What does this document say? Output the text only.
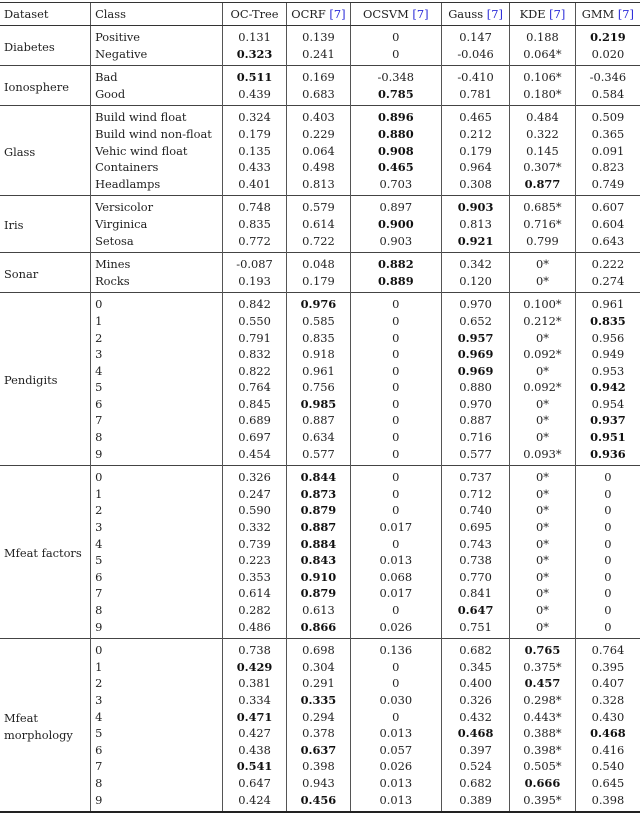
Dataset	Class	OC-Tree	OCRF [7]	OCSVM [7]	Gauss [7]	KDE [7]	GMM [7]
Diabetes	Positive	0.131	0.139	0	0.147	0.188	0.219
	Negative	0.323	0.241	0	-0.046	0.064*	0.020
Ionosphere	Bad	0.511	0.169	-0.348	-0.410	0.106*	-0.346
	Good	0.439	0.683	0.785	0.781	0.180*	0.584
Glass	Build wind float	0.324	0.403	0.896	0.465	0.484	0.509
	Build wind non-float	0.179	0.229	0.880	0.212	0.322	0.365
	Vehic wind float	0.135	0.064	0.908	0.179	0.145	0.091
	Containers	0.433	0.498	0.465	0.964	0.307*	0.823
	Headlamps	0.401	0.813	0.703	0.308	0.877	0.749
Iris	Versicolor	0.748	0.579	0.897	0.903	0.685*	0.607
	Virginica	0.835	0.614	0.900	0.813	0.716*	0.604
	Setosa	0.772	0.722	0.903	0.921	0.799	0.643
Sonar	Mines	-0.087	0.048	0.882	0.342	0*	0.222
	Rocks	0.193	0.179	0.889	0.120	0*	0.274
Pendigits	0	0.842	0.976	0	0.970	0.100*	0.961
	1	0.550	0.585	0	0.652	0.212*	0.835
	2	0.791	0.835	0	0.957	0*	0.956
	3	0.832	0.918	0	0.969	0.092*	0.949
	4	0.822	0.961	0	0.969	0*	0.953
	5	0.764	0.756	0	0.880	0.092*	0.942
	6	0.845	0.985	0	0.970	0*	0.954
	7	0.689	0.887	0	0.887	0*	0.937
	8	0.697	0.634	0	0.716	0*	0.951
	9	0.454	0.577	0	0.577	0.093*	0.936
Mfeat factors	0	0.326	0.844	0	0.737	0*	0
	1	0.247	0.873	0	0.712	0*	0
	2	0.590	0.879	0	0.740	0*	0
	3	0.332	0.887	0.017	0.695	0*	0
	4	0.739	0.884	0	0.743	0*	0
	5	0.223	0.843	0.013	0.738	0*	0
	6	0.353	0.910	0.068	0.770	0*	0
	7	0.614	0.879	0.017	0.841	0*	0
	8	0.282	0.613	0	0.647	0*	0
	9	0.486	0.866	0.026	0.751	0*	0
Mfeat morphology	0	0.738	0.698	0.136	0.682	0.765	0.764
	1	0.429	0.304	0	0.345	0.375*	0.395
	2	0.381	0.291	0	0.400	0.457	0.407
	3	0.334	0.335	0.030	0.326	0.298*	0.328
	4	0.471	0.294	0	0.432	0.443*	0.430
	5	0.427	0.378	0.013	0.468	0.388*	0.468
	6	0.438	0.637	0.057	0.397	0.398*	0.416
	7	0.541	0.398	0.026	0.524	0.505*	0.540
	8	0.647	0.943	0.013	0.682	0.666	0.645
	9	0.424	0.456	0.013	0.389	0.395*	0.398
